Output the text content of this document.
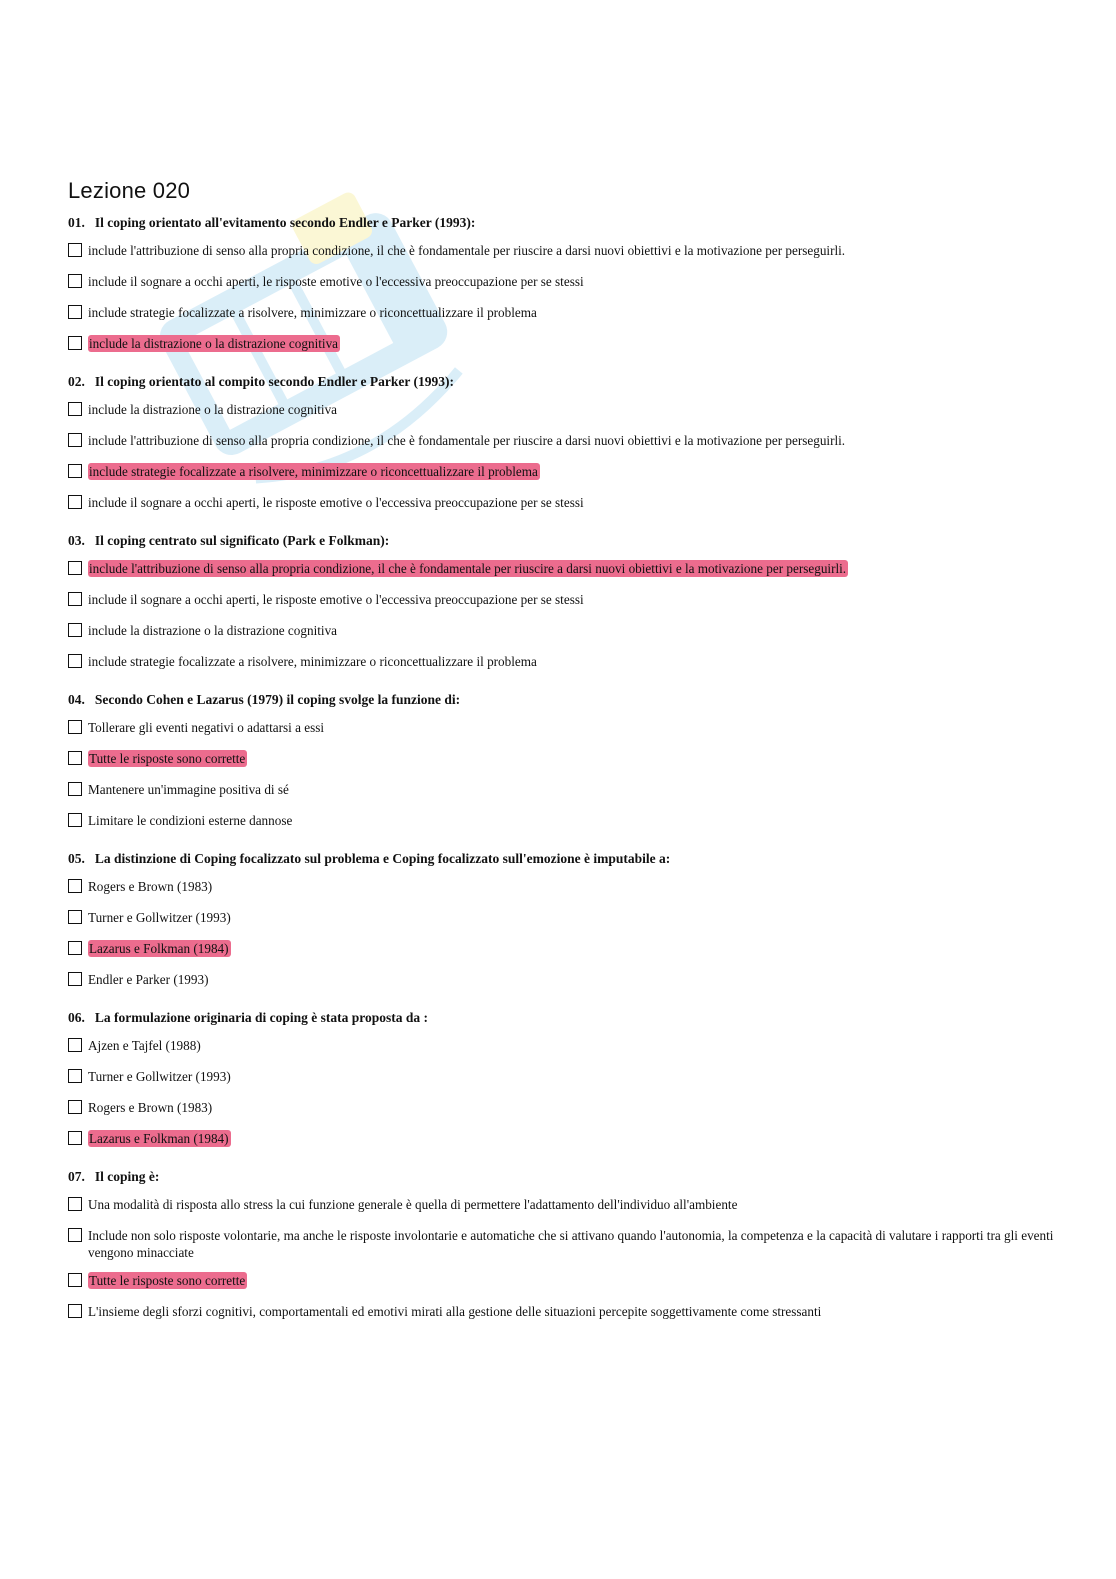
Lezione 020

01. Il coping orientato all'evitamento secondo Endler e Parker (1993):

include l'attribuzione di senso alla propria condizione, il che è fondamentale per riuscire a darsi nuovi obiettivi e la motivazione per perseguirli.
include il sognare a occhi aperti, le risposte emotive o l'eccessiva preoccupazione per se stessi
include strategie focalizzate a risolvere, minimizzare o riconcettualizzare il problema
include la distrazione o la distrazione cognitiva

02. Il coping orientato al compito secondo Endler e Parker (1993):

include la distrazione o la distrazione cognitiva
include l'attribuzione di senso alla propria condizione, il che è fondamentale per riuscire a darsi nuovi obiettivi e la motivazione per perseguirli.
include strategie focalizzate a risolvere, minimizzare o riconcettualizzare il problema
include il sognare a occhi aperti, le risposte emotive o l'eccessiva preoccupazione per se stessi

03. Il coping centrato sul significato (Park e Folkman):

include l'attribuzione di senso alla propria condizione, il che è fondamentale per riuscire a darsi nuovi obiettivi e la motivazione per perseguirli.
include il sognare a occhi aperti, le risposte emotive o l'eccessiva preoccupazione per se stessi
include la distrazione o la distrazione cognitiva
include strategie focalizzate a risolvere, minimizzare o riconcettualizzare il problema

04. Secondo Cohen e Lazarus (1979) il coping svolge la funzione di:

Tollerare gli eventi negativi o adattarsi a essi
Tutte le risposte sono corrette
Mantenere un'immagine positiva di sé
Limitare le condizioni esterne dannose

05. La distinzione di Coping focalizzato sul problema e Coping focalizzato sull'emozione è imputabile a:

Rogers e Brown (1983)
Turner e Gollwitzer (1993)
Lazarus e Folkman (1984)
Endler e Parker (1993)

06. La formulazione originaria di coping è stata proposta da :

Ajzen e Tajfel (1988)
Turner e Gollwitzer (1993)
Rogers e Brown (1983)
Lazarus e Folkman (1984)

07. Il coping è:

Una modalità di risposta allo stress la cui funzione generale è quella di permettere l'adattamento dell'individuo all'ambiente
Include non solo risposte volontarie, ma anche le risposte involontarie e automatiche che si attivano quando l'autonomia, la competenza e la capacità di valutare i rapporti tra gli eventi vengono minacciate
Tutte le risposte sono corrette
L'insieme degli sforzi cognitivi, comportamentali ed emotivi mirati alla gestione delle situazioni percepite soggettivamente come stressanti
